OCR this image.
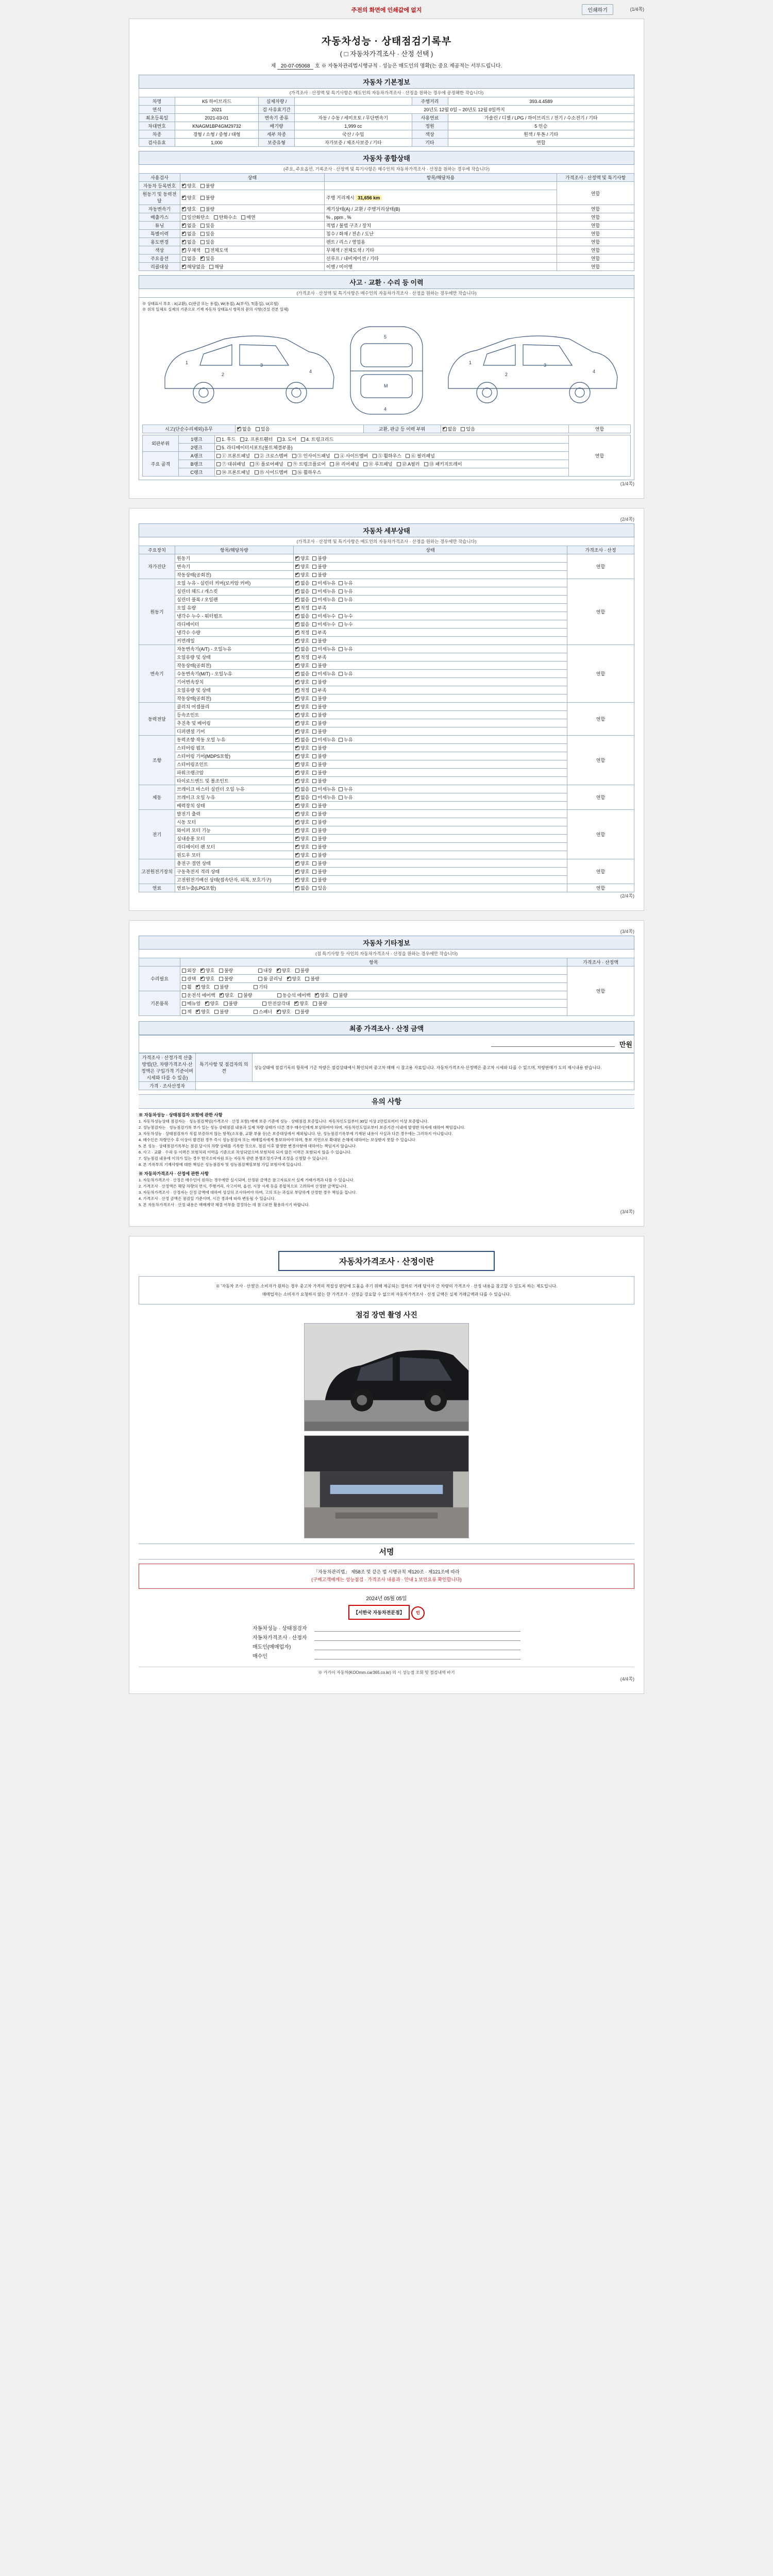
주전의 화면에 인쇄값에 없지	인쇄하기	(1/4쪽)
자동차성능 · 상태점검기록부
( □ 자동차가격조사 · 산정 선택 )
제 20-07-05068 호 ※ 자동차관리법시행규칙 · 성능은 매도인의 명확(는 중요 제공적는 서부드립니다.
자동차 기본정보
(가격조사 · 산정액 및 특기사항은 매도인의 자동차가격조사 · 산정을 원하는 경우에 공정해한 작습니다)
차명	K5 하이브리드	실제차량 /		주행거리	393.4.4589
연식	2021	검 사유효기간	20년도 12월 0일 ~ 20년도 12월 0일까지		
최초등록일	2021-03-01	변속기 종류	자동 / 수동 / 세미오토 / 무단변속기	사용연료	가솔린 / 디젤 / LPG / 하이브리드 / 전기 / 수소전기 / 기타
차대번호	KNAGM1BP4GM29732	배기량	1,999 cc	정원	5 인승
차종	경형 / 소형 / 중형 / 대형	세부 차종	국산 / 수입	색상	원색 / 투톤 / 기타
검사유효	1,000	보증유형	자가보증 / 제조사보증 / 기타	기타	연합
자동차 종합상태
(주요, 주요옵션, 기록조사 · 산정액 및 특기사항은 매수인의 자동차가격조사 · 산정을 원하는 경우에 작습니다)
사용검사	상태	항목/해당차용	가격조사 · 산정액 및 특기사항
자동차 등록번호	✔양호 불량		연합
원동기 및 동력전달	✔양호 불량	주행 거리계시 31,656 km	
자동변속기	✔양호 불량	계기상태(A) / 교환 / 주행거리상태(B)	연합
배출가스	일산화탄소 탄화수소 매연	% , ppm , %	연합
튜닝	✔없음 있음	적법 / 불법 구조 / 장치	연합
특별이력	✔없음 있음	침수 / 화재 / 전손 / 도난	연합
용도변경	✔없음 있음	렌트 / 리스 / 영업용	연합
색상	✔무채색 전체도색	무채색 / 전체도색 / 기타	연합
주요옵션	없음 ✔ 있음	선루프 / 내비게이션 / 기타	연합
리콜대상	✔해당없음 해당	이행 / 미이행	연합
사고 · 교환 · 수리 등 이력
(가격조사 · 산정액 및 특기사항은 매수인의 자동차가격조사 · 산정을 원하는 경우에만 작습니다)
※ 상태표시 부호 : X(교환), C(판금 또는 용접), W(용접), A(부식), T(흠집), U(요철)
※ 위의 일체로 실제의 기준으로 기재 자동차 상태표시 항목의 문의 사항(건설 견본 일체)
1
2
3
4
5
M
4
1
2
3
4
시고(단순수리제외)유무	✔없음 있음	교환, 판금 등 이력 부위	✔없음 있음	연합
외판부위	1랭크	1. 후드 2. 프론트휀더 3. 도어 4. 트렁크리드	연합
	2랭크	5. 라디에이터서포트(볼트체결부품)	
주요 골격	A랭크	① 프론트패널 ② 크로스멤버 ③ 인사이드패널 ④ 사이드멤버 ⑤ 휠하우스 ⑥ 필러패널	
	B랭크	⑦ 대쉬패널 ⑧ 플로어패널 ⑨ 트렁크플로어 ⑩ 리어패널 ⑪ 루프패널 ⑫ A필러 ⑬ 패키지트레이	
	C랭크	⑭ 프론트패널 ⑮ 사이드멤버 ⑯ 휠하우스	
(1/4쪽)
(2/4쪽)
자동차 세부상태
(가격조사 · 산정액 및 특기사항은 매도인의 자동차가격조사 · 산정을 원하는 경우에만 작습니다)
주요장치	항목/해당차량	상태	가격조사 · 산정
자가진단	원동기	✔양호 불량	연합
	변속기	✔양호 불량
	작동상태(공회전)	✔양호 불량
원동기	오일 누유 - 실린더 커버(로커암 커버)	✔없음 미세누유 누유	연합
	실린더 헤드 / 개스킷	✔없음 미세누유 누유
	실린더 블록 / 오일팬	✔없음 미세누유 누유
	오일 유량	✔적정 부족
	냉각수 누수 - 워터펌프	✔없음 미세누수 누수
	라디에이터	✔없음 미세누수 누수
	냉각수 수량	✔적정 부족
	커먼레일	✔양호 불량
변속기	자동변속기(A/T) - 오일누유	✔없음 미세누유 누유	연합
	오일유량 및 상태	✔적정 부족
	작동상태(공회전)	✔양호 불량
	수동변속기(M/T) - 오일누유	✔없음 미세누유 누유
	기어변속장치	✔양호 불량
	오일유량 및 상태	✔적정 부족
	작동상태(공회전)	✔양호 불량
동력전달	클러치 어셈블리	✔양호 불량	연합
	등속조인트	✔양호 불량
	추진축 및 베어링	✔양호 불량
	디퍼렌셜 기어	✔양호 불량
조향	동력조향 작동 오일 누유	✔없음 미세누유 누유	연합
	스티어링 펌프	✔양호 불량
	스티어링 기어(MDPS포함)	✔양호 불량
	스티어링조인트	✔양호 불량
	파워크랭크암	✔양호 불량
	타이로드엔드 및 볼조인트	✔양호 불량
제동	브레이크 마스터 실린더 오일 누유	✔없음 미세누유 누유	연합
	브레이크 오일 누유	✔없음 미세누유 누유
	배력장치 상태	✔양호 불량
전기	발전기 출력	✔양호 불량	연합
	시동 모터	✔양호 불량
	와이퍼 모터 기능	✔양호 불량
	실내송풍 모터	✔양호 불량
	라디에이터 팬 모터	✔양호 불량
	윈도우 모터	✔양호 불량
고전원전기장치	충전구 절연 상태	✔양호 불량	연합
	구동축전지 격리 상태	✔양호 불량
	고전원전기배선 상태(접속단자, 피복, 보호기구)	✔양호 불량
연료	연료누출(LPG포함)	✔없음 있음	연합
(2/4쪽)
(3/4쪽)
자동차 기타정보
(점 특기사항 등 사인의 자동차가격조사 · 산정을 원하는 경우에만 작습니다)
	항목	가격조사 · 산정액
수리필요	외장 ✔ 양호 불량 내장 ✔ 양호 불량	연합
	광택 ✔ 양호 불량 룸 클리닝 ✔ 양호 불량
	휠 ✔ 양호 불량 기타
기본품목	운전석 에어백 ✔ 양호 불량 동승석 에어백 ✔ 양호 불량
	매뉴얼 ✔ 양호 불량 안전삼각대 ✔ 양호 불량
	잭 ✔ 양호 불량 스패너 ✔ 양호 불량
최종 가격조사 · 산정 금액
만원
가격조사 · 산정가격 산출 방법(단, 차량가격조사·산정액은 구입가격 기준이며 시세와 다를 수 있음)	특기사항 및 점검자의 의견	성능상태에 점검기록의 항목에 기준 차량은 점검상태에서 확인되며 중고차 매매 시 참고용 자료입니다. 자동차가격조사·산정액은 중고차 시세와 다를 수 있으며, 차량판매가 도의 제시내용 받습니다.
가격 · 조사산정자		
유의 사항
※ 자동차성능 · 상태점검자 보험에 관한 사항

1. 자동차성능상태 점검자는 · 성능점검책임(가격조사 · 산정 포함) 매매 보증 기준에 성능 · 상태점검 보증입니다. 자동차인도일부터 30일 이상 2만킬로미터 이상 보증합니다.

2. 성능점검자는 · 성능점검기록 부가 있는 성능 상태점검 내용과 실제 차량 상태가 다른 경우 매수인에게 보상하여야 하며, 자동차인도일로부터 보증기간 이내에 발생한 하자에 대하여 책임집니다.

3. 자동차성능 · 상태점검자가 직접 보증하지 않는 항목(소모품, 교환 부품 등)은 보증대상에서 제외됩니다. 단, 성능점검기록부에 기재된 내용이 사실과 다른 경우에는 그러하지 아니합니다.

4. 매수인은 차량인수 후 이상이 발견된 경우 즉시 성능점검자 또는 매매업자에게 통보하여야 하며, 통보 지연으로 확대된 손해에 대하여는 보상받지 못할 수 있습니다.

5. 본 성능 · 상태점검기록부는 점검 당시의 차량 상태를 기록한 것으로, 점검 이후 발생한 변경사항에 대하여는 책임지지 않습니다.

6. 사고 · 교환 · 수리 등 이력은 보험처리 이력을 기준으로 작성되었으며 보험처리 되지 않은 이력은 포함되지 않을 수 있습니다.

7. 성능점검 내용에 이의가 있는 경우 한국소비자원 또는 자동차 관련 분쟁조정기구에 조정을 신청할 수 있습니다.

8. 본 기록부의 기재사항에 대한 책임은 성능점검자 및 성능점검책임보험 가입 보험사에 있습니다.

※ 자동차가격조사 · 산정에 관한 사항

1. 자동차가격조사 · 산정은 매수인이 원하는 경우에만 실시되며, 산정된 금액은 참고자료로서 실제 거래가격과 다를 수 있습니다.

2. 가격조사 · 산정액은 해당 차량의 연식, 주행거리, 사고이력, 옵션, 시장 시세 등을 종합적으로 고려하여 산정한 금액입니다.

3. 자동차가격조사 · 산정자는 산정 금액에 대하여 성실히 조사하여야 하며, 고의 또는 과실로 부당하게 산정한 경우 책임을 집니다.

4. 가격조사 · 산정 금액은 점검일 기준이며, 시간 경과에 따라 변동될 수 있습니다.

5. 본 자동차가격조사 · 산정 내용은 매매계약 체결 여부를 결정하는 데 참고로만 활용하시기 바랍니다.

(3/4쪽)
자동차가격조사 · 산정이란

※ '자동차 조사 · 산정'은 소비자가 원하는 경우 중고차 가격의 적절성 판단에 도움을 주기 위해 제공되는 절차로 거래 당사자 간 차량의 가격조사 · 산정 내용을 참고할 수 있도록 하는 제도입니다.

매매업자는 소비자가 요청하지 않는 한 가격조사 · 산정을 강요할 수 없으며 자동차가격조사 · 산정 금액은 실제 거래금액과 다를 수 있습니다.

점검 장면 촬영 사진
서명
「자동차관리법」 제58조 및 같은 법 시행규칙 제120조 · 제121조에 따라
(구매고객에게는 성능점검 · 가격조사 내용과 · 안내 1 보인요류 확인합니다)
2024년 05월 05일
【서한국 자동차전문점】	인
자동차성능 · 상태점검자
자동차가격조사 · 산정자
매도인(매매업자)
매수인
※ 카가이 자동차(KOOmm.car365.co.kr) 의 시 성능점 조회 및 점검내역 바기
(4/4쪽)
